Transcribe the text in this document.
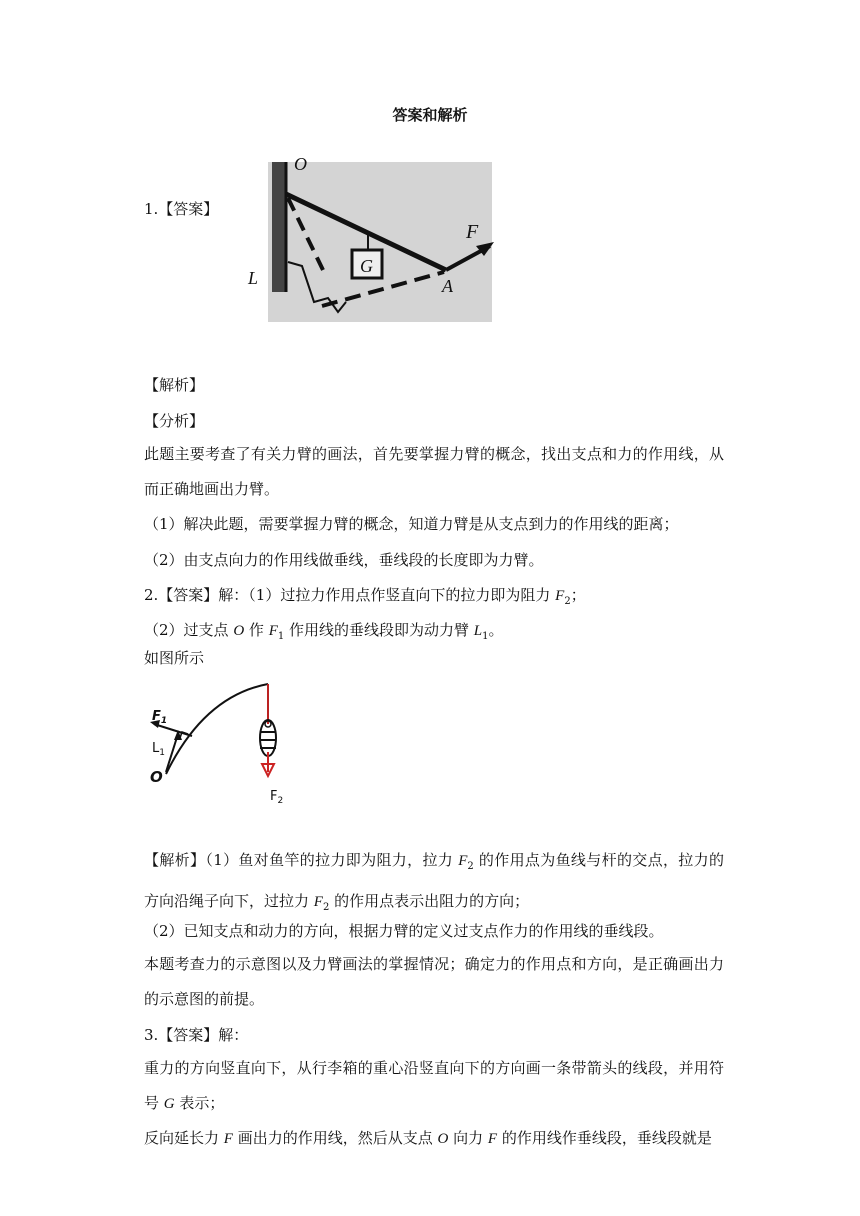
答案和解析
1.【答案】
O
F
G
A
L
【解析】
【分析】
此题主要考查了有关力臂的画法，首先要掌握力臂的概念，找出支点和力的作用线，从而正确地画出力臂。
（1）解决此题，需要掌握力臂的概念，知道力臂是从支点到力的作用线的距离；
（2）由支点向力的作用线做垂线，垂线段的长度即为力臂。
2.【答案】解：（1）过拉力作用点作竖直向下的拉力即为阻力 $F_2$；
（2）过支点 O 作 $F_1$ 作用线的垂线段即为动力臂 $L_1$。
如图所示
$F_1$
$L_1$
O
$F_2$
【解析】（1）鱼对鱼竿的拉力即为阻力，拉力 $F_2$ 的作用点为鱼线与杆的交点，拉力的方向沿绳子向下，过拉力 $F_2$ 的作用点表示出阻力的方向；
（2）已知支点和动力的方向，根据力臂的定义过支点作力的作用线的垂线段。
本题考查力的示意图以及力臂画法的掌握情况；确定力的作用点和方向，是正确画出力的示意图的前提。
3.【答案】解：
重力的方向竖直向下，从行李箱的重心沿竖直向下的方向画一条带箭头的线段，并用符号 G 表示；
反向延长力 F 画出力的作用线，然后从支点 O 向力 F 的作用线作垂线段，垂线段就是
